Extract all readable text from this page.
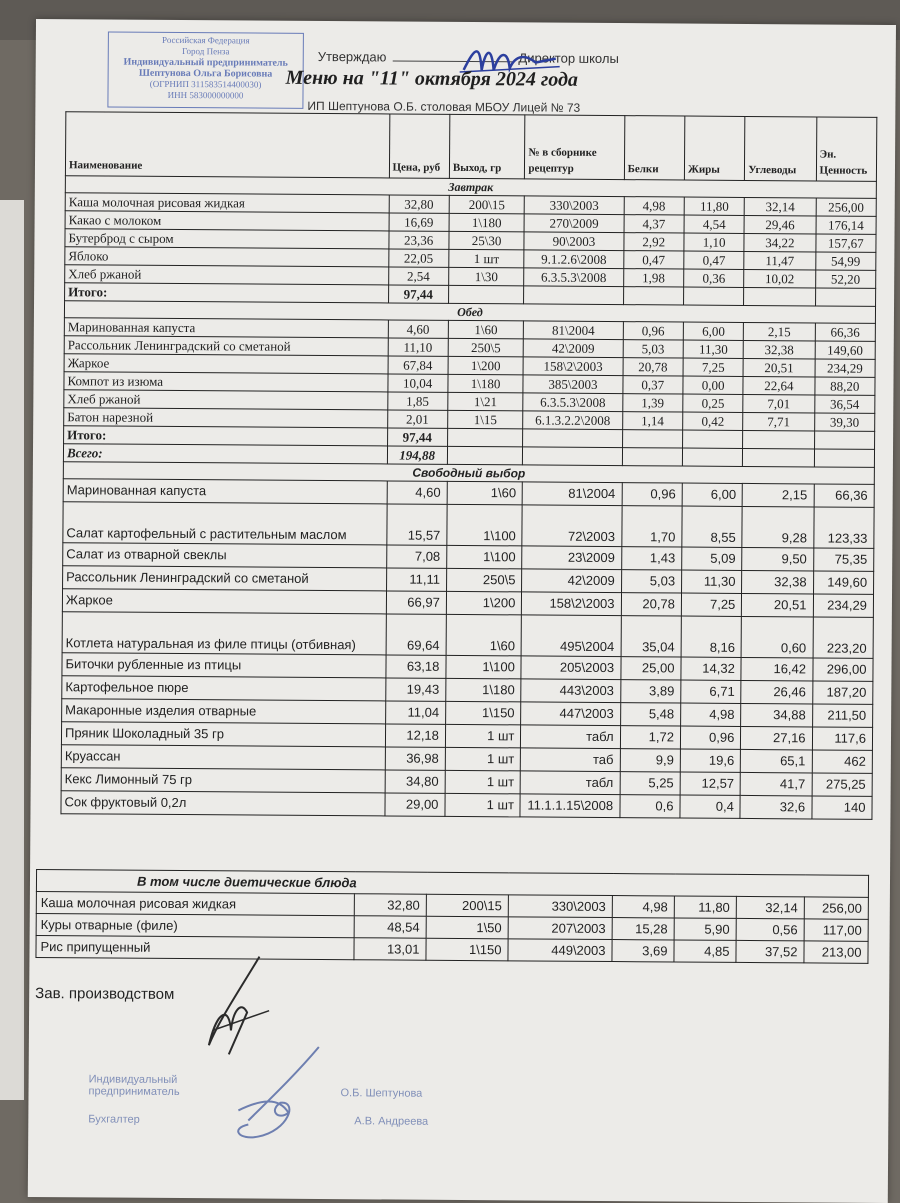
Российская Федерация
Город Пенза
Индивидуальный предприниматель
Шептунова Ольга Борисовна
(ОГРНИП 311583514400030)
ИНН 583000000000
Утверждаю	Директор школы
Меню на "11" октября 2024 года
ИП Шептунова О.Б. столовая МБОУ Лицей № 73
Наименование	Цена, руб	Выход, гр	№ в сборнике рецептур	Белки	Жиры	Углеводы	Эн. Ценность
Завтрак							
Каша молочная рисовая жидкая	32,80	200\15	330\2003	4,98	11,80	32,14	256,00
Какао с молоком	16,69	1\180	270\2009	4,37	4,54	29,46	176,14
Бутерброд с сыром	23,36	25\30	90\2003	2,92	1,10	34,22	157,67
Яблоко	22,05	1 шт	9.1.2.6\2008	0,47	0,47	11,47	54,99
Хлеб ржаной	2,54	1\30	6.3.5.3\2008	1,98	0,36	10,02	52,20
Итого:	97,44						
Обед							
Маринованная капуста	4,60	1\60	81\2004	0,96	6,00	2,15	66,36
Рассольник Ленинградский со сметаной	11,10	250\5	42\2009	5,03	11,30	32,38	149,60
Жаркое	67,84	1\200	158\2\2003	20,78	7,25	20,51	234,29
Компот из изюма	10,04	1\180	385\2003	0,37	0,00	22,64	88,20
Хлеб ржаной	1,85	1\21	6.3.5.3\2008	1,39	0,25	7,01	36,54
Батон нарезной	2,01	1\15	6.1.3.2.2\2008	1,14	0,42	7,71	39,30
Итого:	97,44						
Всего:	194,88						
Свободный выбор							
Маринованная капуста	4,60	1\60	81\2004	0,96	6,00	2,15	66,36
Салат картофельный с растительным маслом	15,57	1\100	72\2003	1,70	8,55	9,28	123,33
Салат из отварной свеклы	7,08	1\100	23\2009	1,43	5,09	9,50	75,35
Рассольник Ленинградский со сметаной	11,11	250\5	42\2009	5,03	11,30	32,38	149,60
Жаркое	66,97	1\200	158\2\2003	20,78	7,25	20,51	234,29
Котлета натуральная из филе птицы (отбивная)	69,64	1\60	495\2004	35,04	8,16	0,60	223,20
Биточки рубленные из птицы	63,18	1\100	205\2003	25,00	14,32	16,42	296,00
Картофельное пюре	19,43	1\180	443\2003	3,89	6,71	26,46	187,20
Макаронные изделия отварные	11,04	1\150	447\2003	5,48	4,98	34,88	211,50
Пряник Шоколадный 35 гр	12,18	1 шт	табл	1,72	0,96	27,16	117,6
Круассан	36,98	1 шт	таб	9,9	19,6	65,1	462
Кекс Лимонный 75 гр	34,80	1 шт	табл	5,25	12,57	41,7	275,25
Сок фруктовый 0,2л	29,00	1 шт	11.1.1.15\2008	0,6	0,4	32,6	140
В том числе диетические блюда							
Каша молочная рисовая жидкая	32,80	200\15	330\2003	4,98	11,80	32,14	256,00
Куры отварные (филе)	48,54	1\50	207\2003	15,28	5,90	0,56	117,00
Рис припущенный	13,01	1\150	449\2003	3,69	4,85	37,52	213,00
Зав. производством
Индивидуальный предприниматель
Бухгалтер
О.Б. Шептунова
А.В. Андреева
